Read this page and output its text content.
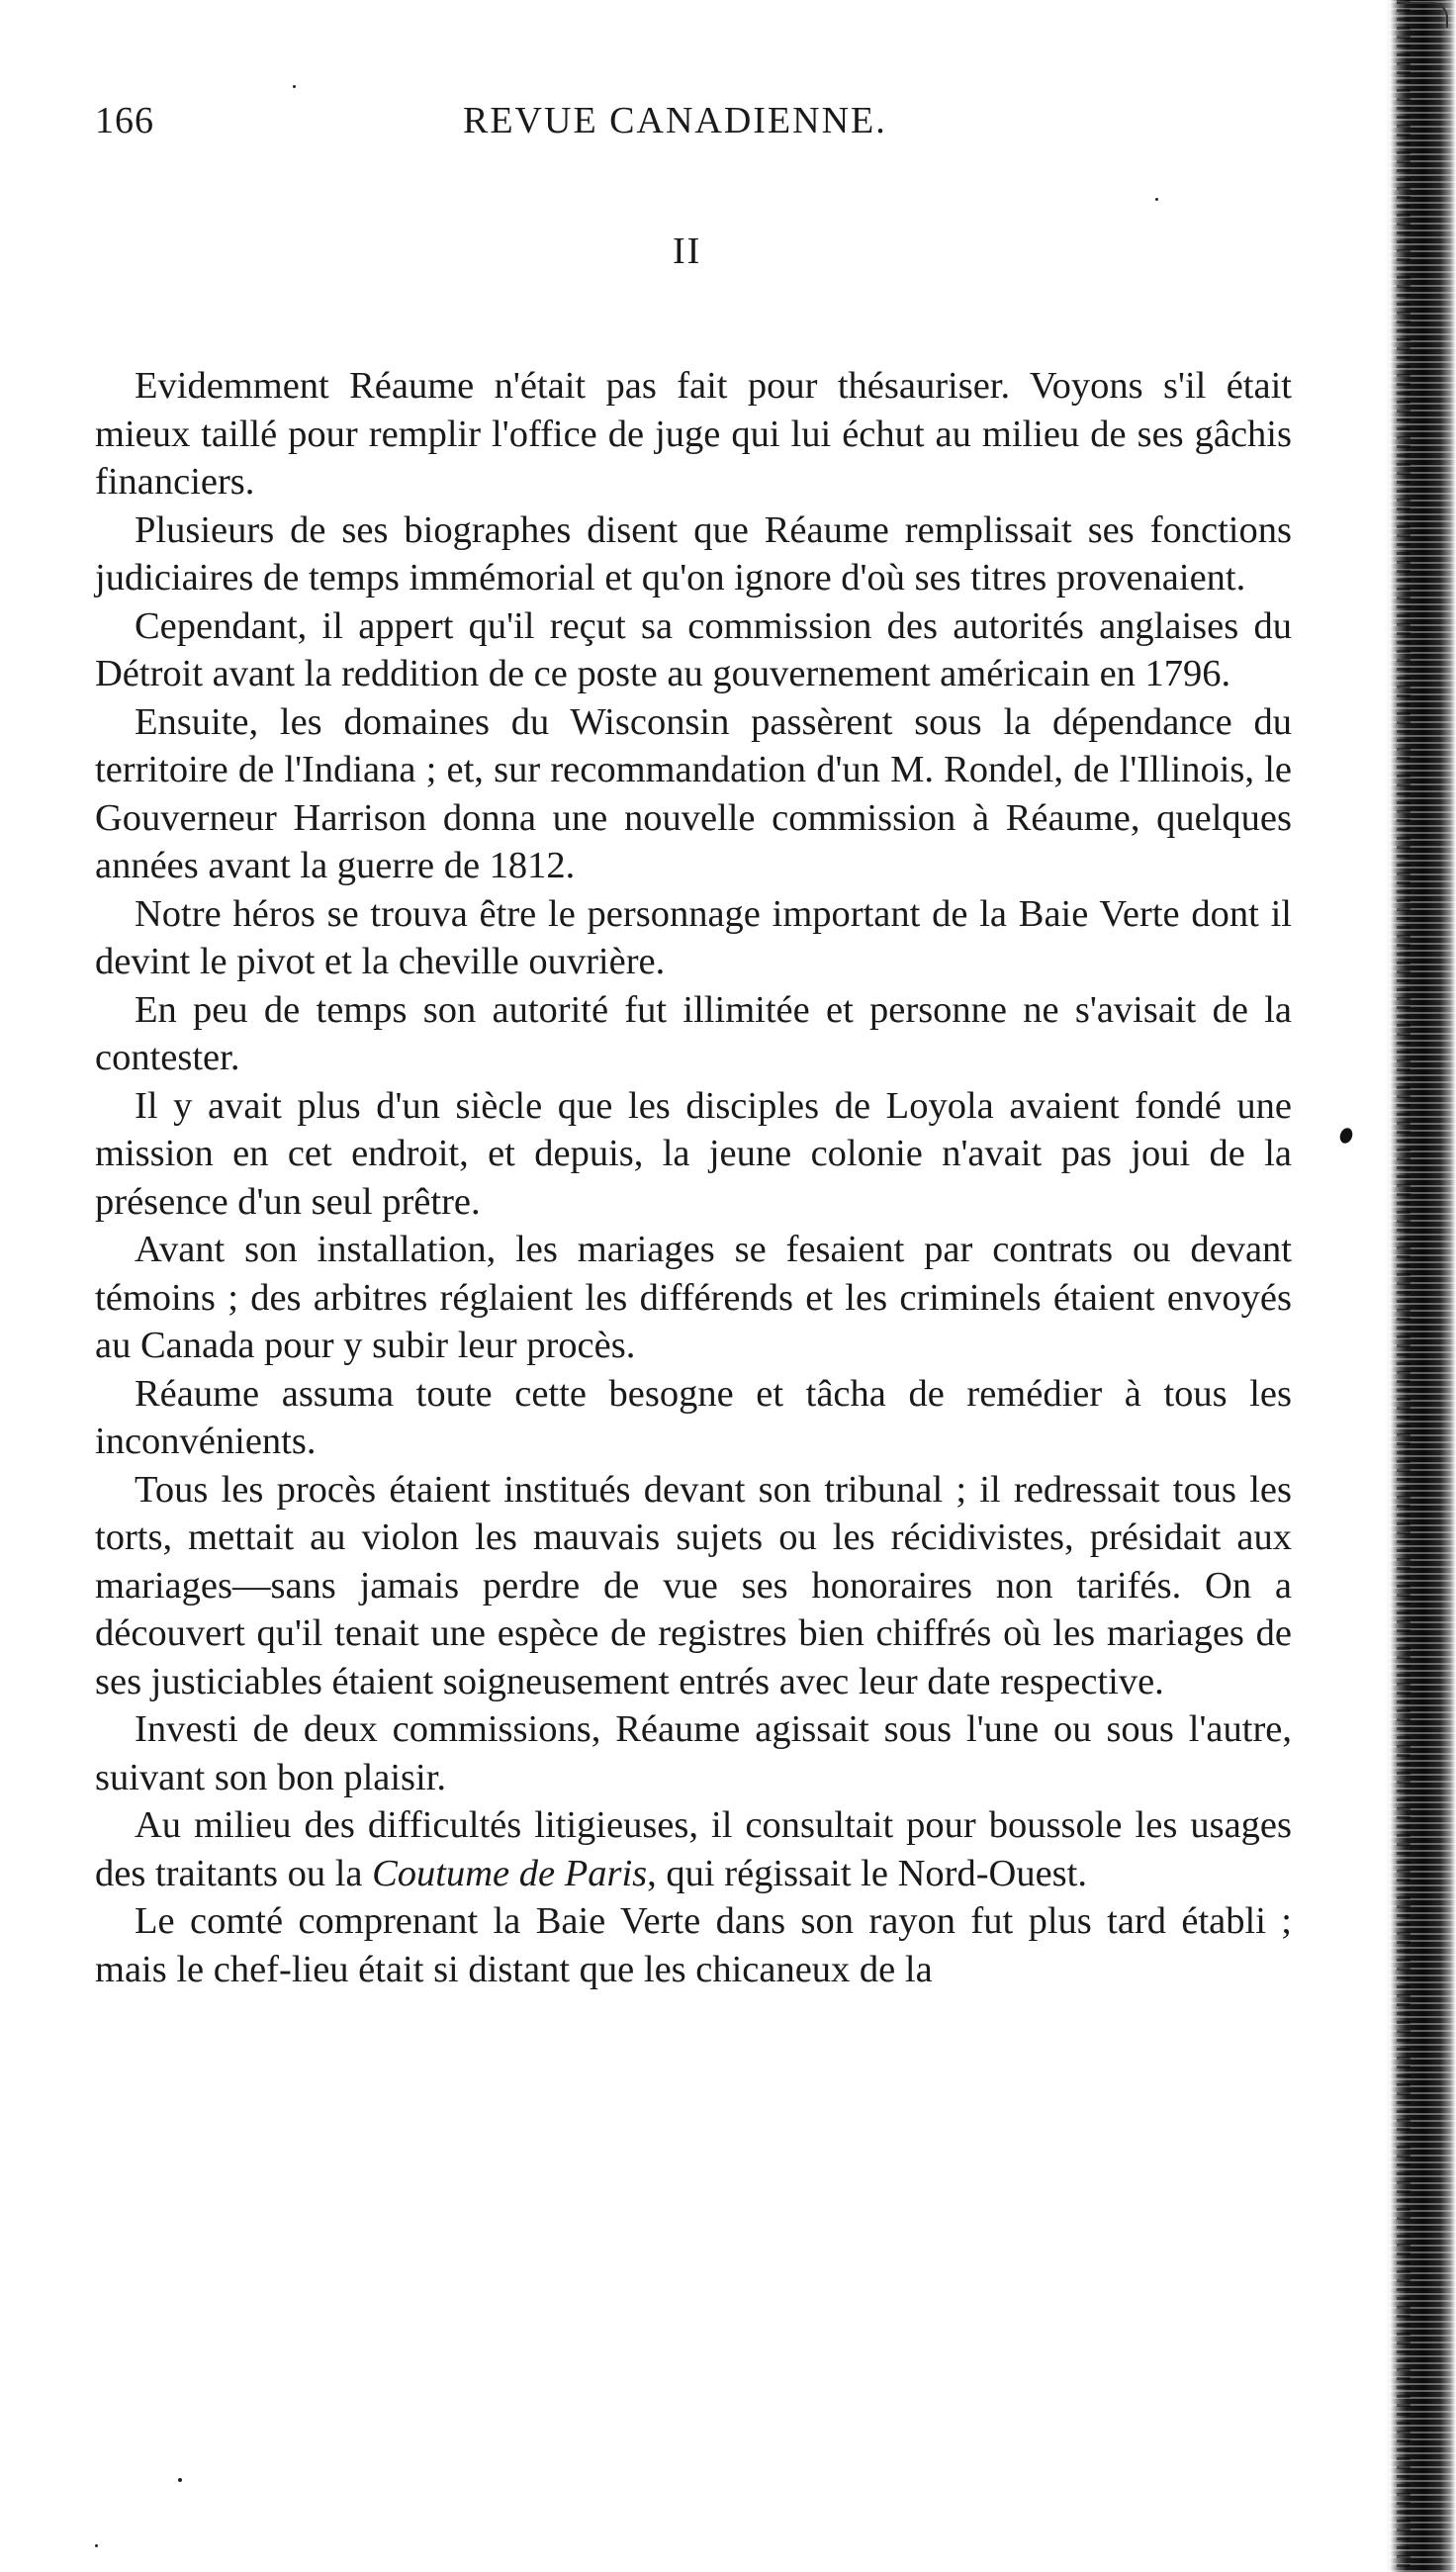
166	REVUE CANADIENNE.
II

Evidemment Réaume n'était pas fait pour thésauriser. Voyons s'il était mieux taillé pour remplir l'office de juge qui lui échut au milieu de ses gâchis financiers.

Plusieurs de ses biographes disent que Réaume remplissait ses fonctions judiciaires de temps immémorial et qu'on ignore d'où ses titres provenaient.

Cependant, il appert qu'il reçut sa commission des autorités anglaises du Détroit avant la reddition de ce poste au gouvernement américain en 1796.

Ensuite, les domaines du Wisconsin passèrent sous la dépendance du territoire de l'Indiana ; et, sur recommandation d'un M. Rondel, de l'Illinois, le Gouverneur Harrison donna une nouvelle commission à Réaume, quelques années avant la guerre de 1812.

Notre héros se trouva être le personnage important de la Baie Verte dont il devint le pivot et la cheville ouvrière.

En peu de temps son autorité fut illimitée et personne ne s'avisait de la contester.

Il y avait plus d'un siècle que les disciples de Loyola avaient fondé une mission en cet endroit, et depuis, la jeune colonie n'avait pas joui de la présence d'un seul prêtre.

Avant son installation, les mariages se fesaient par contrats ou devant témoins ; des arbitres réglaient les différends et les criminels étaient envoyés au Canada pour y subir leur procès.

Réaume assuma toute cette besogne et tâcha de remédier à tous les inconvénients.

Tous les procès étaient institués devant son tribunal ; il redressait tous les torts, mettait au violon les mauvais sujets ou les récidivistes, présidait aux mariages—sans jamais perdre de vue ses honoraires non tarifés. On a découvert qu'il tenait une espèce de registres bien chiffrés où les mariages de ses justiciables étaient soigneusement entrés avec leur date respective.

Investi de deux commissions, Réaume agissait sous l'une ou sous l'autre, suivant son bon plaisir.

Au milieu des difficultés litigieuses, il consultait pour boussole les usages des traitants ou la Coutume de Paris, qui régissait le Nord-Ouest.

Le comté comprenant la Baie Verte dans son rayon fut plus tard établi ; mais le chef-lieu était si distant que les chicaneux de la
